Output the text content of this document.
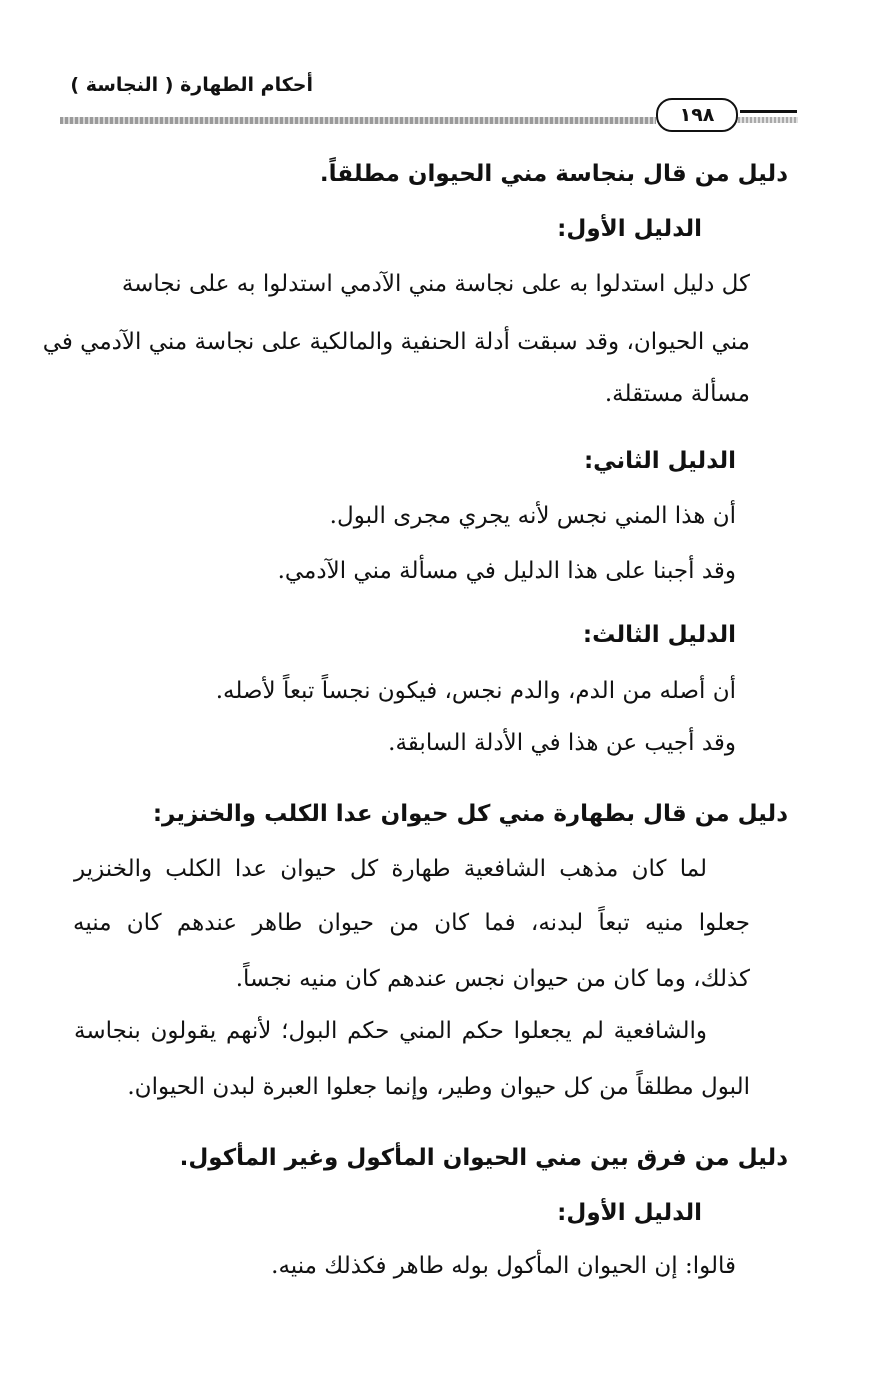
أحكام الطهارة ( النجاسة )
١٩٨
دليل من قال بنجاسة مني الحيوان مطلقاً.
الدليل الأول:
كل دليل استدلوا به على نجاسة مني الآدمي استدلوا به على نجاسة
مني الحيوان، وقد سبقت أدلة الحنفية والمالكية على نجاسة مني الآدمي في
مسألة مستقلة.
الدليل الثاني:
أن هذا المني نجس لأنه يجري مجرى البول.
وقد أجبنا على هذا الدليل في مسألة مني الآدمي.
الدليل الثالث:
أن أصله من الدم، والدم نجس، فيكون نجساً تبعاً لأصله.
وقد أجيب عن هذا في الأدلة السابقة.
دليل من قال بطهارة مني كل حيوان عدا الكلب والخنزير:
لما كان مذهب الشافعية طهارة كل حيوان عدا الكلب والخنزير
جعلوا منيه تبعاً لبدنه، فما كان من حيوان طاهر عندهم كان منيه
كذلك، وما كان من حيوان نجس عندهم كان منيه نجساً.
والشافعية لم يجعلوا حكم المني حكم البول؛ لأنهم يقولون بنجاسة
البول مطلقاً من كل حيوان وطير، وإنما جعلوا العبرة لبدن الحيوان.
دليل من فرق بين مني الحيوان المأكول وغير المأكول.
الدليل الأول:
قالوا: إن الحيوان المأكول بوله طاهر فكذلك منيه.
